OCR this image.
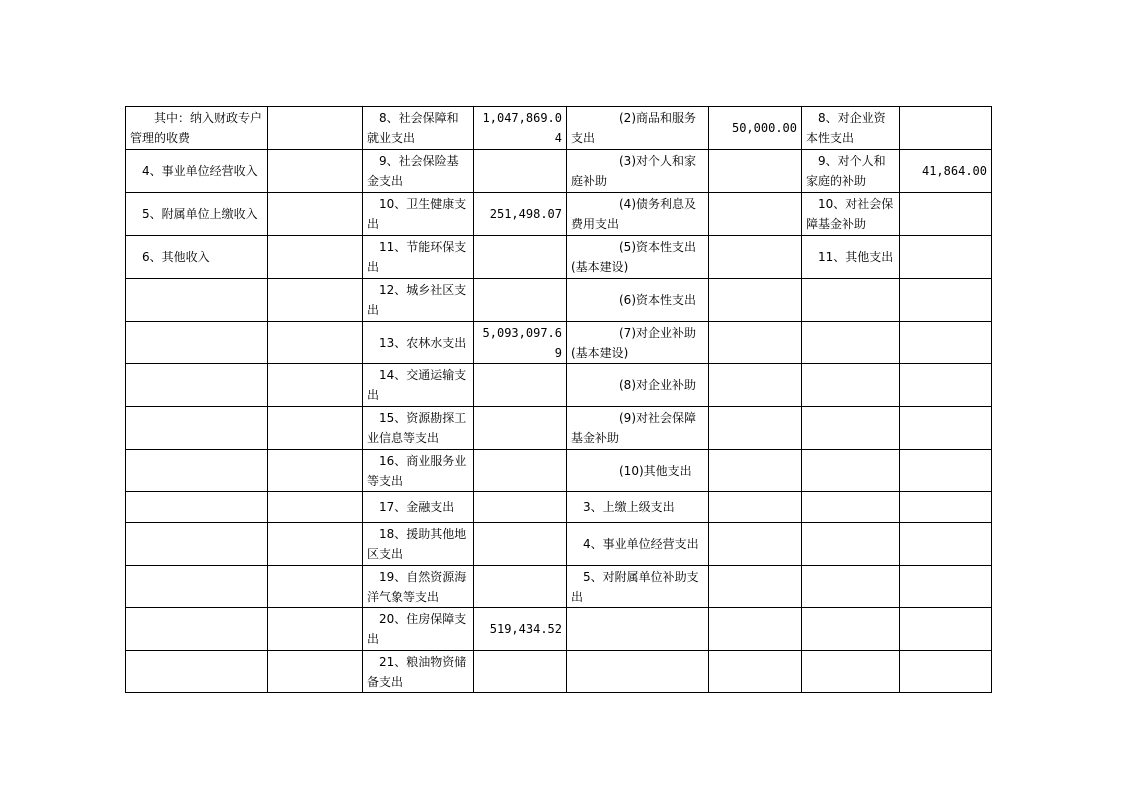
　　其中：纳入财政专户管理的收费		　8、社会保障和就业支出	1,047,869.04	　　　　(2)商品和服务支出	50,000.00	　8、对企业资本性支出	
　4、事业单位经营收入		　9、社会保险基金支出		　　　　(3)对个人和家庭补助		　9、对个人和家庭的补助	41,864.00
　5、附属单位上缴收入		　10、卫生健康支出	251,498.07	　　　　(4)债务利息及费用支出		　10、对社会保障基金补助	
　6、其他收入		　11、节能环保支出		　　　　(5)资本性支出(基本建设)		　11、其他支出	
		　12、城乡社区支出		　　　　(6)资本性支出			
		　13、农林水支出	5,093,097.69	　　　　(7)对企业补助(基本建设)			
		　14、交通运输支出		　　　　(8)对企业补助			
		　15、资源勘探工业信息等支出		　　　　(9)对社会保障基金补助			
		　16、商业服务业等支出		　　　　(10)其他支出			
		　17、金融支出		　3、上缴上级支出			
		　18、援助其他地区支出		　4、事业单位经营支出			
		　19、自然资源海洋气象等支出		　5、对附属单位补助支出			
		　20、住房保障支出	519,434.52				
		　21、粮油物资储备支出					
